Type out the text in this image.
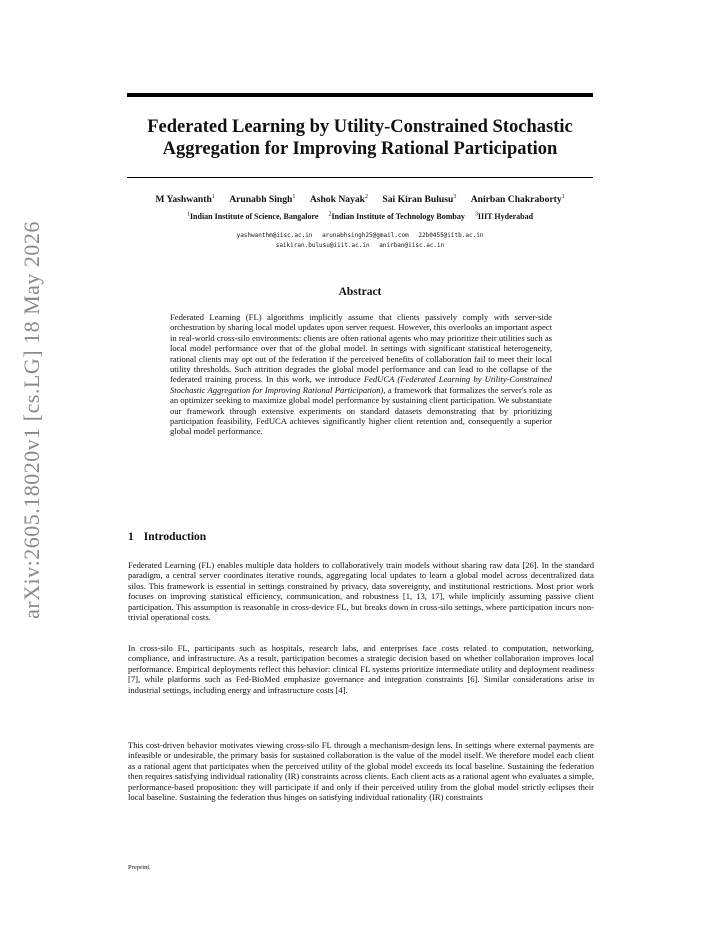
arXiv:2605.18020v1 [cs.LG] 18 May 2026
Federated Learning by Utility-Constrained Stochastic
Aggregation for Improving Rational Participation
M Yashwanth$^1$ Arunabh Singh$^1$ Ashok Nayak$^2$ Sai Kiran Bulusu$^3$ Anirban Chakraborty$^1$
$^1$Indian Institute of Science, Bangalore $^2$Indian Institute of Technology Bombay $^3$IIIT Hyderabad
yashwanthm@iisc.ac.in arunabhsingh25@gmail.com 22b0455@iitb.ac.in
saikiran.bulusu@iiit.ac.in anirban@iisc.ac.in
Abstract

Federated Learning (FL) algorithms implicitly assume that clients passively comply with server-side orchestration by sharing local model updates upon server request. However, this overlooks an important aspect in real-world cross-silo environments: clients are often rational agents who may prioritize their utilities such as local model performance over that of the global model. In settings with significant statistical heterogeneity, rational clients may opt out of the federation if the perceived benefits of collaboration fail to meet their local utility thresholds. Such attrition degrades the global model performance and can lead to the collapse of the federated training process. In this work, we introduce FedUCA (Federated Learning by Utility-Constrained Stochastic Aggregation for Improving Rational Participation), a framework that formalizes the server's role as an optimizer seeking to maximize global model performance by sustaining client participation. We substantiate our framework through extensive experiments on standard datasets demonstrating that by prioritizing participation feasibility, FedUCA achieves significantly higher client retention and, consequently a superior global model performance.

1 Introduction

Federated Learning (FL) enables multiple data holders to collaboratively train models without sharing raw data [26]. In the standard paradigm, a central server coordinates iterative rounds, aggregating local updates to learn a global model across decentralized data silos. This framework is essential in settings constrained by privacy, data sovereignty, and institutional restrictions. Most prior work focuses on improving statistical efficiency, communication, and robustness [1, 13, 17], while implicitly assuming passive client participation. This assumption is reasonable in cross-device FL, but breaks down in cross-silo settings, where participation incurs non-trivial operational costs.

In cross-silo FL, participants such as hospitals, research labs, and enterprises face costs related to computation, networking, compliance, and infrastructure. As a result, participation becomes a strategic decision based on whether collaboration improves local performance. Empirical deployments reflect this behavior: clinical FL systems prioritize intermediate utility and deployment readiness [7], while platforms such as Fed-BioMed emphasize governance and integration constraints [6]. Similar considerations arise in industrial settings, including energy and infrastructure costs [4].

This cost-driven behavior motivates viewing cross-silo FL through a mechanism-design lens. In settings where external payments are infeasible or undesirable, the primary basis for sustained collaboration is the value of the model itself. We therefore model each client as a rational agent that participates when the perceived utility of the global model exceeds its local baseline. Sustaining the federation then requires satisfying individual rationality (IR) constraints across clients. Each client acts as a rational agent who evaluates a simple, performance-based proposition: they will participate if and only if their perceived utility from the global model strictly eclipses their local baseline. Sustaining the federation thus hinges on satisfying individual rationality (IR) constraints

Preprint.
